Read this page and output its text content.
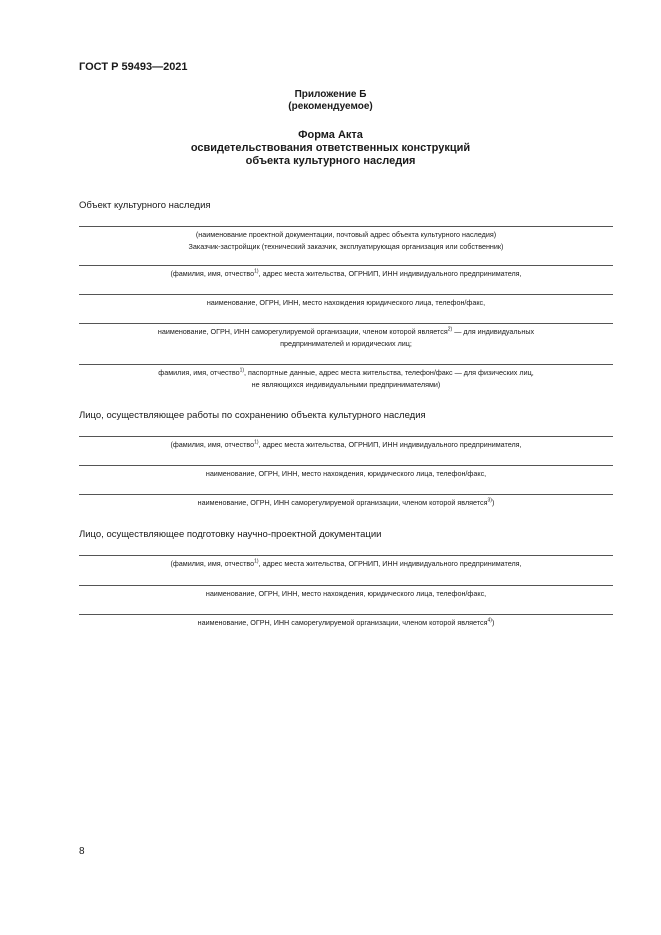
ГОСТ Р 59493—2021
Приложение Б
(рекомендуемое)
Форма Акта
освидетельствования ответственных конструкций
объекта культурного наследия
Объект культурного наследия
(наименование проектной документации, почтовый адрес объекта культурного наследия)
Заказчик-застройщик (технический заказчик, эксплуатирующая организация или собственник)
(фамилия, имя, отчество$^{1)}$, адрес места жительства, ОГРНИП, ИНН индивидуального предпринимателя,
наименование, ОГРН, ИНН, место нахождения юридического лица, телефон/факс,
наименование, ОГРН, ИНН саморегулируемой организации, членом которой является$^{2)}$ — для индивидуальных
предпринимателей и юридических лиц;
фамилия, имя, отчество$^{1)}$, паспортные данные, адрес места жительства, телефон/факс — для физических лиц,
не являющихся индивидуальными предпринимателями)
Лицо, осуществляющее работы по сохранению объекта культурного наследия
(фамилия, имя, отчество$^{1)}$, адрес места жительства, ОГРНИП, ИНН индивидуального предпринимателя,
наименование, ОГРН, ИНН, место нахождения, юридического лица, телефон/факс,
наименование, ОГРН, ИНН саморегулируемой организации, членом которой является$^{3)}$)
Лицо, осуществляющее подготовку научно-проектной документации
(фамилия, имя, отчество$^{1)}$, адрес места жительства, ОГРНИП, ИНН индивидуального предпринимателя,
наименование, ОГРН, ИНН, место нахождения, юридического лица, телефон/факс,
наименование, ОГРН, ИНН саморегулируемой организации, членом которой является$^{4)}$)
8
